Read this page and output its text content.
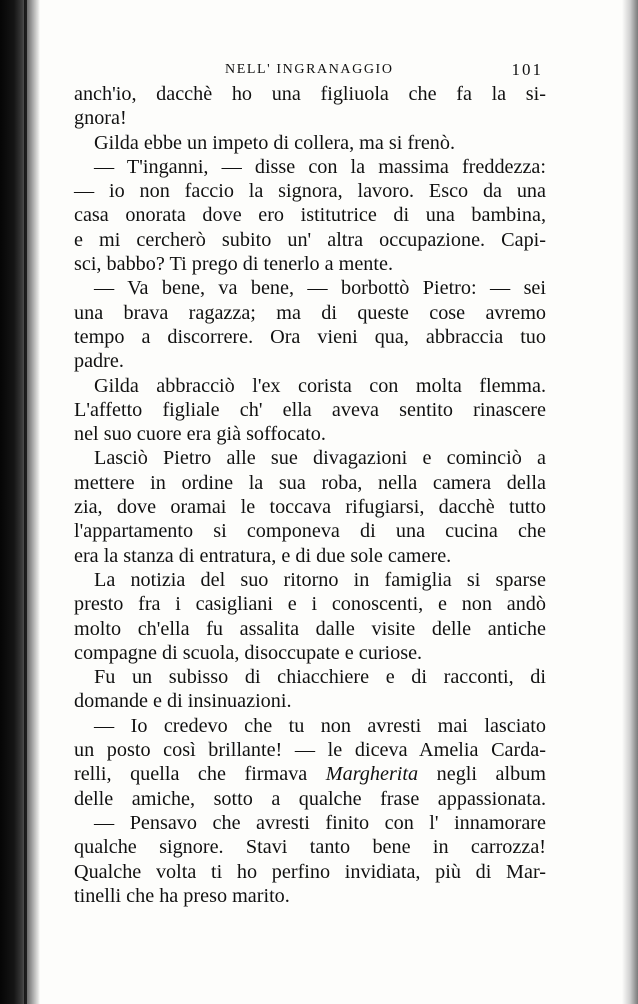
NELL' INGRANAGGIO	101
anch'io, dacchè ho una figliuola che fa la si-
gnora!
Gilda ebbe un impeto di collera, ma si frenò.
— T'inganni, — disse con la massima freddezza:
— io non faccio la signora, lavoro. Esco da una
casa onorata dove ero istitutrice di una bambina,
e mi cercherò subito un' altra occupazione. Capi-
sci, babbo? Ti prego di tenerlo a mente.
— Va bene, va bene, — borbottò Pietro: — sei
una brava ragazza; ma di queste cose avremo
tempo a discorrere. Ora vieni qua, abbraccia tuo
padre.
Gilda abbracciò l'ex corista con molta flemma.
L'affetto figliale ch' ella aveva sentito rinascere
nel suo cuore era già soffocato.
Lasciò Pietro alle sue divagazioni e cominciò a
mettere in ordine la sua roba, nella camera della
zia, dove oramai le toccava rifugiarsi, dacchè tutto
l'appartamento si componeva di una cucina che
era la stanza di entratura, e di due sole camere.
La notizia del suo ritorno in famiglia si sparse
presto fra i casigliani e i conoscenti, e non andò
molto ch'ella fu assalita dalle visite delle antiche
compagne di scuola, disoccupate e curiose.
Fu un subisso di chiacchiere e di racconti, di
domande e di insinuazioni.
— Io credevo che tu non avresti mai lasciato
un posto così brillante! — le diceva Amelia Carda-
relli, quella che firmava Margherita negli album
delle amiche, sotto a qualche frase appassionata.
— Pensavo che avresti finito con l' innamorare
qualche signore. Stavi tanto bene in carrozza!
Qualche volta ti ho perfino invidiata, più di Mar-
tinelli che ha preso marito.
